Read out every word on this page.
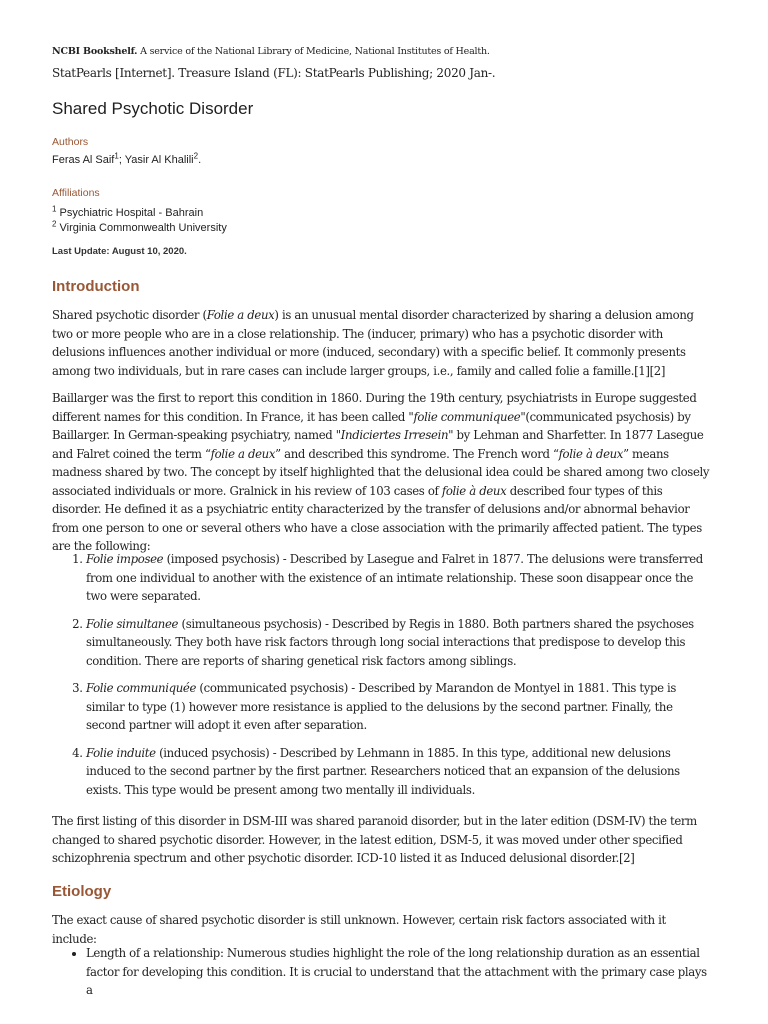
NCBI Bookshelf. A service of the National Library of Medicine, National Institutes of Health.
StatPearls [Internet]. Treasure Island (FL): StatPearls Publishing; 2020 Jan-.
Shared Psychotic Disorder
Authors
Feras Al Saif$^1$; Yasir Al Khalili$^2$.
Affiliations
$^1$ Psychiatric Hospital - Bahrain
$^2$ Virginia Commonwealth University
Last Update: August 10, 2020.
Introduction

Shared psychotic disorder (Folie a deux) is an unusual mental disorder characterized by sharing a delusion among two or more people who are in a close relationship. The (inducer, primary) who has a psychotic disorder with delusions influences another individual or more (induced, secondary) with a specific belief. It commonly presents among two individuals, but in rare cases can include larger groups, i.e., family and called folie a famille.[1][2]

Baillarger was the first to report this condition in 1860. During the 19th century, psychiatrists in Europe suggested different names for this condition. In France, it has been called "folie communiquee"(communicated psychosis) by Baillarger. In German-speaking psychiatry, named "Indiciertes Irresein" by Lehman and Sharfetter. In 1877 Lasegue and Falret coined the term “folie a deux” and described this syndrome. The French word “folie à deux” means madness shared by two. The concept by itself highlighted that the delusional idea could be shared among two closely associated individuals or more. Gralnick in his review of 103 cases of folie à deux described four types of this disorder. He defined it as a psychiatric entity characterized by the transfer of delusions and/or abnormal behavior from one person to one or several others who have a close association with the primarily affected patient. The types are the following:

1. Folie imposee (imposed psychosis) - Described by Lasegue and Falret in 1877. The delusions were transferred from one individual to another with the existence of an intimate relationship. These soon disappear once the two were separated.
2. Folie simultanee (simultaneous psychosis) - Described by Regis in 1880. Both partners shared the psychoses simultaneously. They both have risk factors through long social interactions that predispose to develop this condition. There are reports of sharing genetical risk factors among siblings.
3. Folie communiquée (communicated psychosis) - Described by Marandon de Montyel in 1881. This type is similar to type (1) however more resistance is applied to the delusions by the second partner. Finally, the second partner will adopt it even after separation.
4. Folie induite (induced psychosis) - Described by Lehmann in 1885. In this type, additional new delusions induced to the second partner by the first partner. Researchers noticed that an expansion of the delusions exists. This type would be present among two mentally ill individuals.

The first listing of this disorder in DSM-III was shared paranoid disorder, but in the later edition (DSM-IV) the term changed to shared psychotic disorder. However, in the latest edition, DSM-5, it was moved under other specified schizophrenia spectrum and other psychotic disorder. ICD-10 listed it as Induced delusional disorder.[2]

Etiology

The exact cause of shared psychotic disorder is still unknown. However, certain risk factors associated with it include:

• Length of a relationship: Numerous studies highlight the role of the long relationship duration as an essential factor for developing this condition. It is crucial to understand that the attachment with the primary case plays a
